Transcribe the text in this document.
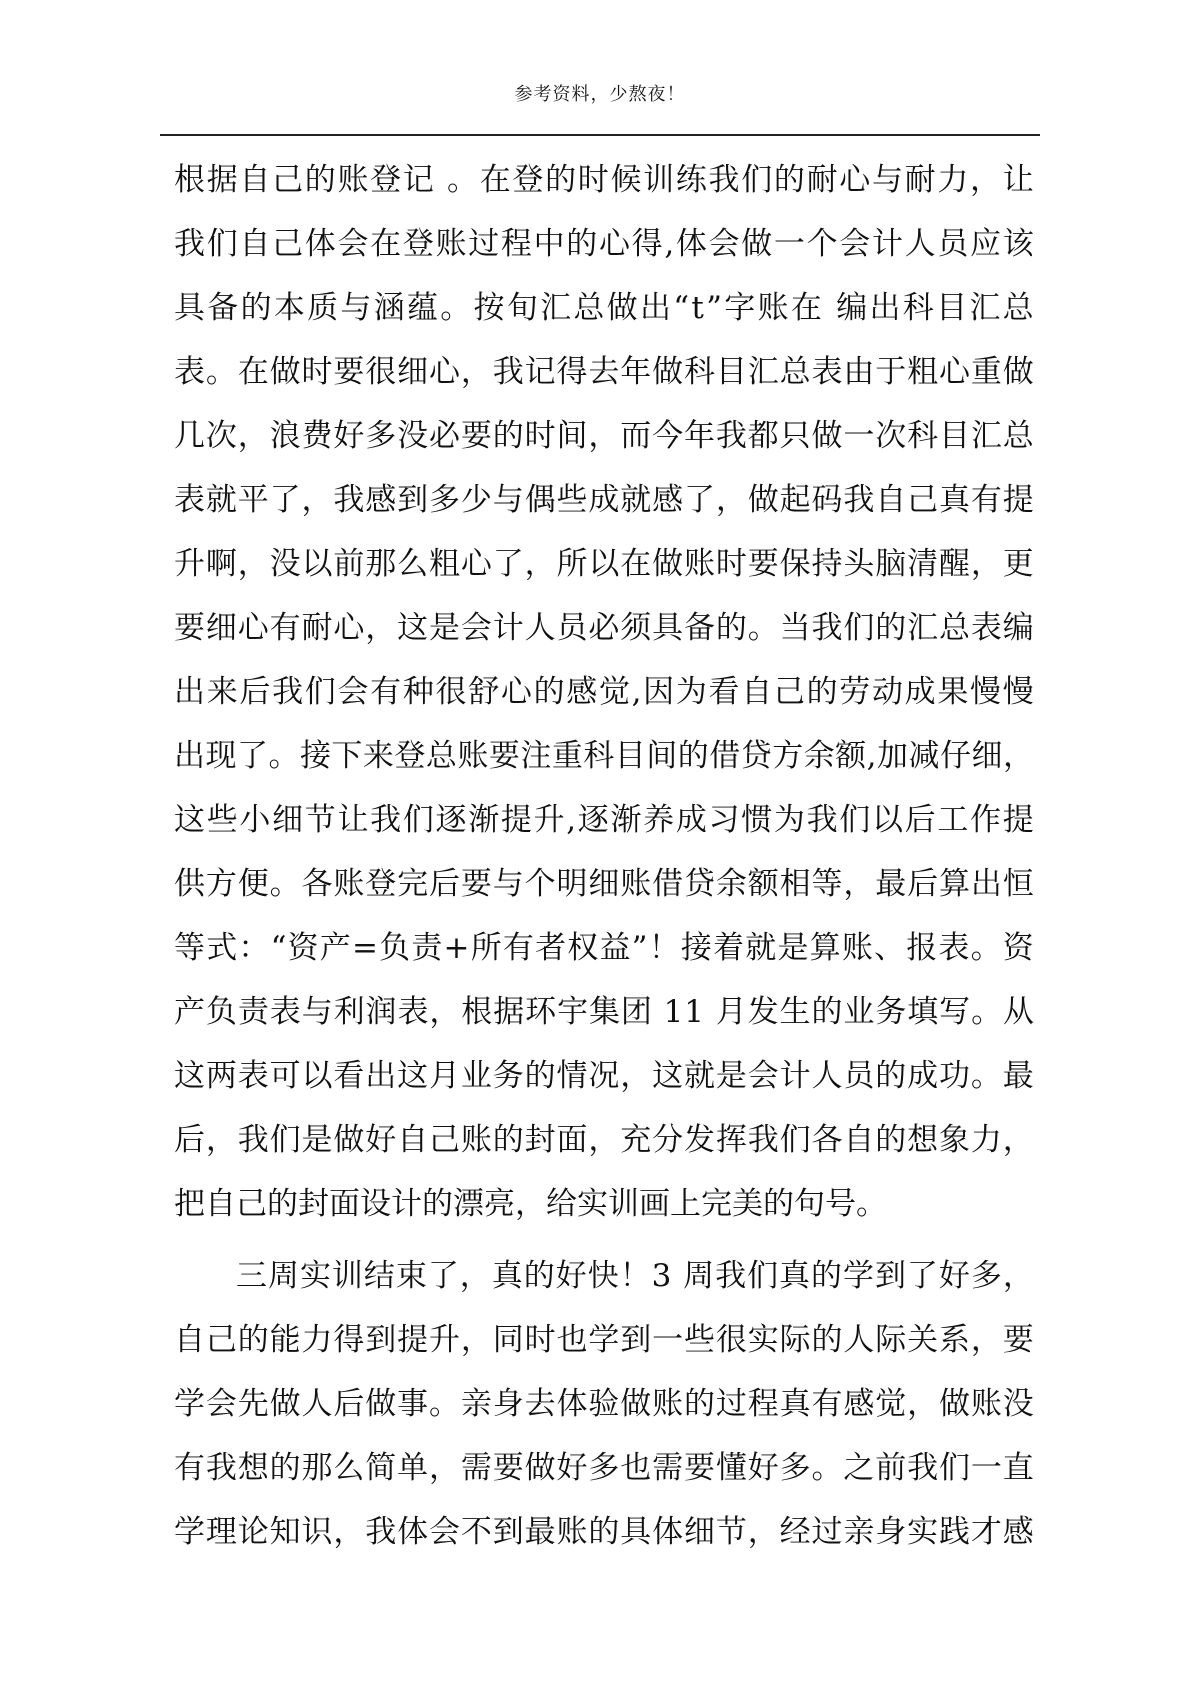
参考资料，少熬夜！
根 据 自 己 的 账 登 记
。 在 登 的 时 候 训 练 我 们 的 耐 心 与 耐 力 ， 让
我 们 自 己 体 会 在 登 账 过 程 中 的 心 得 , 体 会 做 一 个 会 计 人 员 应 该
具 备 的 本 质 与 涵 蕴 。 按 旬 汇 总 做 出 “ t ” 字 账 在
编 出 科 目 汇 总
表 。 在 做 时 要 很 细 心 ， 我 记 得 去 年 做 科 目 汇 总 表 由 于 粗 心 重 做
几 次 ， 浪 费 好 多 没 必 要 的 时 间 ， 而 今 年 我 都 只 做 一 次 科 目 汇 总
表 就 平 了 ， 我 感 到 多 少 与 偶 些 成 就 感 了 ， 做 起 码 我 自 己 真 有 提
升 啊 ， 没 以 前 那 么 粗 心 了 ， 所 以 在 做 账 时 要 保 持 头 脑 清 醒 ， 更
要 细 心 有 耐 心 ， 这 是 会 计 人 员 必 须 具 备 的 。 当 我 们 的 汇 总 表 编
出 来 后 我 们 会 有 种 很 舒 心 的 感 觉 , 因 为 看 自 己 的 劳 动 成 果 慢 慢
出 现 了 。 接 下 来 登 总 账 要 注 重 科 目 间 的 借 贷 方 余 额 , 加 减 仔 细 ，
这 些 小 细 节 让 我 们 逐 渐 提 升 , 逐 渐 养 成 习 惯 为 我 们 以 后 工 作 提
供 方 便 。 各 账 登 完 后 要 与 个 明 细 账 借 贷 余 额 相 等 ， 最 后 算 出 恒
等 式 ： “ 资 产 = 负 责 + 所 有 者 权 益 ” ！ 接 着 就 是 算 账 、 报 表 。 资
产 负 责 表 与 利 润 表 ， 根 据 环 宇 集 团
1 1
月 发 生 的 业 务 填 写 。 从
这 两 表 可 以 看 出 这 月 业 务 的 情 况 ， 这 就 是 会 计 人 员 的 成 功 。 最
后 ， 我 们 是 做 好 自 己 账 的 封 面 ， 充 分 发 挥 我 们 各 自 的 想 象 力 ，
把自己的封面设计的漂亮，给实训画上完美的句号。
三 周 实 训 结 束 了 ， 真 的 好 快 ！ 3
周 我 们 真 的 学 到 了 好 多 ，
自 己 的 能 力 得 到 提 升 ， 同 时 也 学 到 一 些 很 实 际 的 人 际 关 系 ， 要
学 会 先 做 人 后 做 事 。 亲 身 去 体 验 做 账 的 过 程 真 有 感 觉 ， 做 账 没
有 我 想 的 那 么 简 单 ， 需 要 做 好 多 也 需 要 懂 好 多 。 之 前 我 们 一 直
学 理 论 知 识 ， 我 体 会 不 到 最 账 的 具 体 细 节 ， 经 过 亲 身 实 践 才 感
